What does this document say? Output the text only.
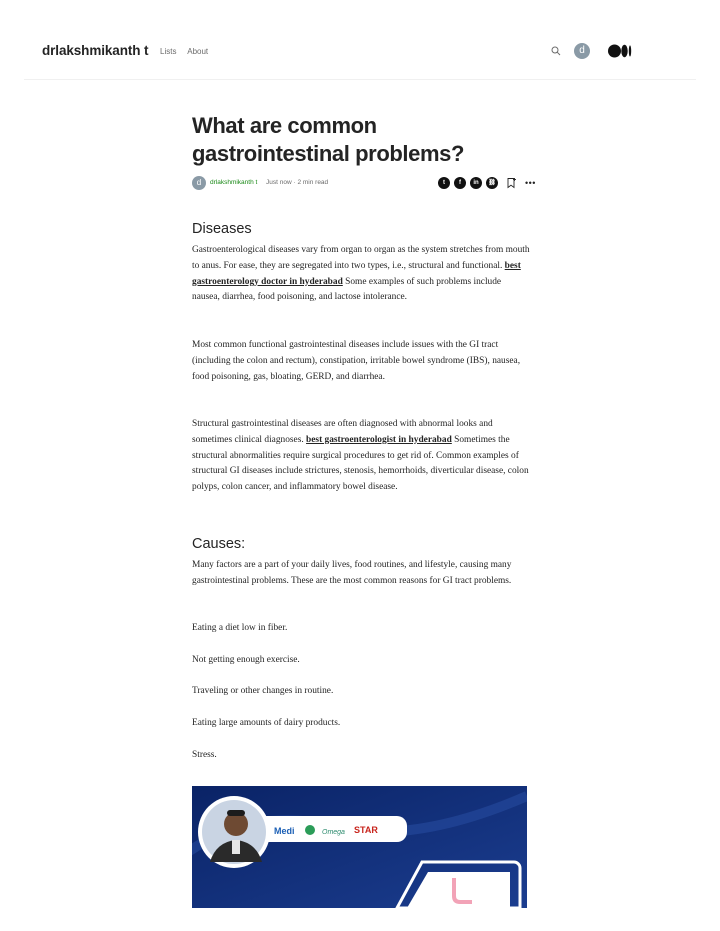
drlakshmikanth t Lists About	d
What are common gastrointestinal problems?
d	drlakshmikanth t Just now · 2 min read	t	f	in	⛓	•••
Diseases

Gastroenterological diseases vary from organ to organ as the system stretches from mouth to anus. For ease, they are segregated into two types, i.e., structural and functional. best gastroenterology doctor in hyderabad Some examples of such problems include nausea, diarrhea, food poisoning, and lactose intolerance.

Most common functional gastrointestinal diseases include issues with the GI tract (including the colon and rectum), constipation, irritable bowel syndrome (IBS), nausea, food poisoning, gas, bloating, GERD, and diarrhea.

Structural gastrointestinal diseases are often diagnosed with abnormal looks and sometimes clinical diagnoses. best gastroenterologist in hyderabad Sometimes the structural abnormalities require surgical procedures to get rid of. Common examples of structural GI diseases include strictures, stenosis, hemorrhoids, diverticular disease, colon polyps, colon cancer, and inflammatory bowel disease.

Causes:

Many factors are a part of your daily lives, food routines, and lifestyle, causing many gastrointestinal problems. These are the most common reasons for GI tract problems.

Eating a diet low in fiber.

Not getting enough exercise.

Traveling or other changes in routine.

Eating large amounts of dairy products.

Stress.

Medi	Omega STAR
